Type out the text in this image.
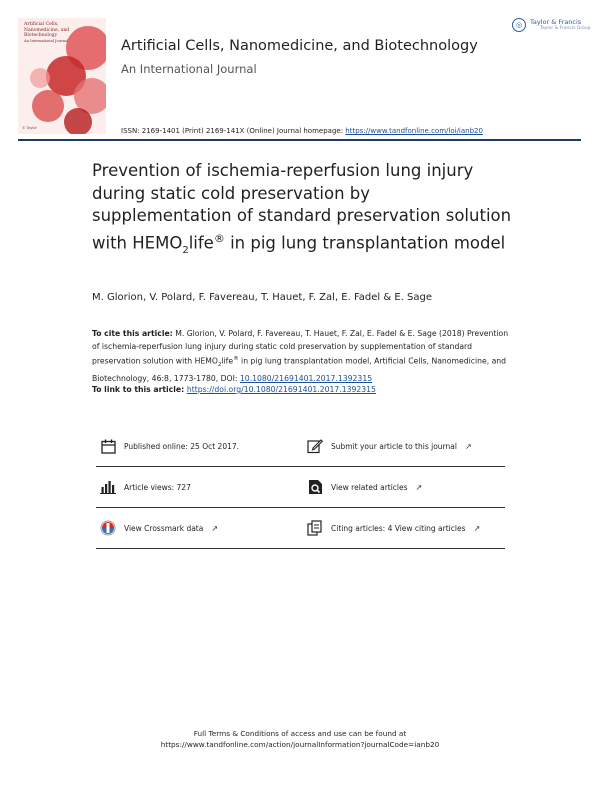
Artificial Cells,
Nanomedicine, and
Biotechnology
An International Journal
© Taylor
Artificial Cells, Nanomedicine, and Biotechnology
An International Journal
◎	Taylor & Francis
Taylor & Francis Group
ISSN: 2169-1401 (Print) 2169-141X (Online) Journal homepage: https://www.tandfonline.com/loi/ianb20
Prevention of ischemia-reperfusion lung injury during static cold preservation by supplementation of standard preservation solution with $HEMO_2life®$ in pig lung transplantation model
M. Glorion, V. Polard, F. Favereau, T. Hauet, F. Zal, E. Fadel & E. Sage
To cite this article: M. Glorion, V. Polard, F. Favereau, T. Hauet, F. Zal, E. Fadel & E. Sage (2018) Prevention of ischemia-reperfusion lung injury during static cold preservation by supplementation of standard preservation solution with $HEMO_2life®$ in pig lung transplantation model, Artificial Cells, Nanomedicine, and Biotechnology, 46:8, 1773-1780, DOI: 10.1080/21691401.2017.1392315
To link to this article: https://doi.org/10.1080/21691401.2017.1392315
Published online: 25 Oct 2017.	Submit your article to this journal ↗
Article views: 727	View related articles ↗
View Crossmark data ↗	Citing articles: 4 View citing articles ↗
Full Terms & Conditions of access and use can be found at
https://www.tandfonline.com/action/journalInformation?journalCode=ianb20
